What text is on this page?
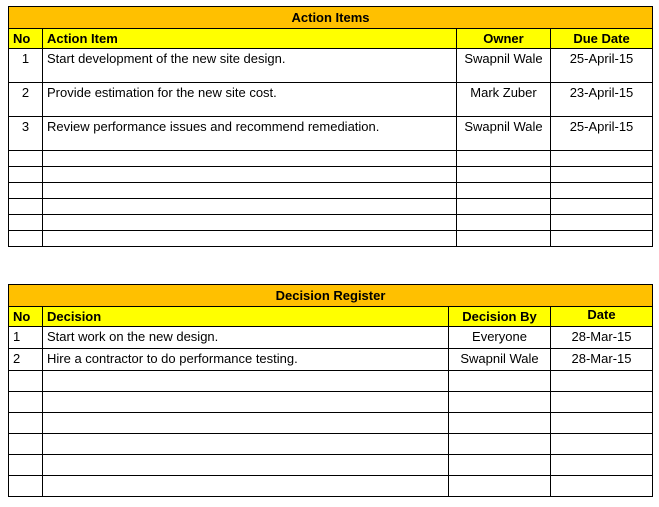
Action Items			
No	Action Item	Owner	Due Date
1	Start development of the new site design.	Swapnil Wale	25-April-15
2	Provide estimation for the new site cost.	Mark Zuber	23-April-15
3	Review performance issues and recommend remediation.	Swapnil Wale	25-April-15

Decision Register			
No	Decision	Decision By	Date
1	Start work on the new design.	Everyone	28-Mar-15
2	Hire a contractor to do performance testing.	Swapnil Wale	28-Mar-15
